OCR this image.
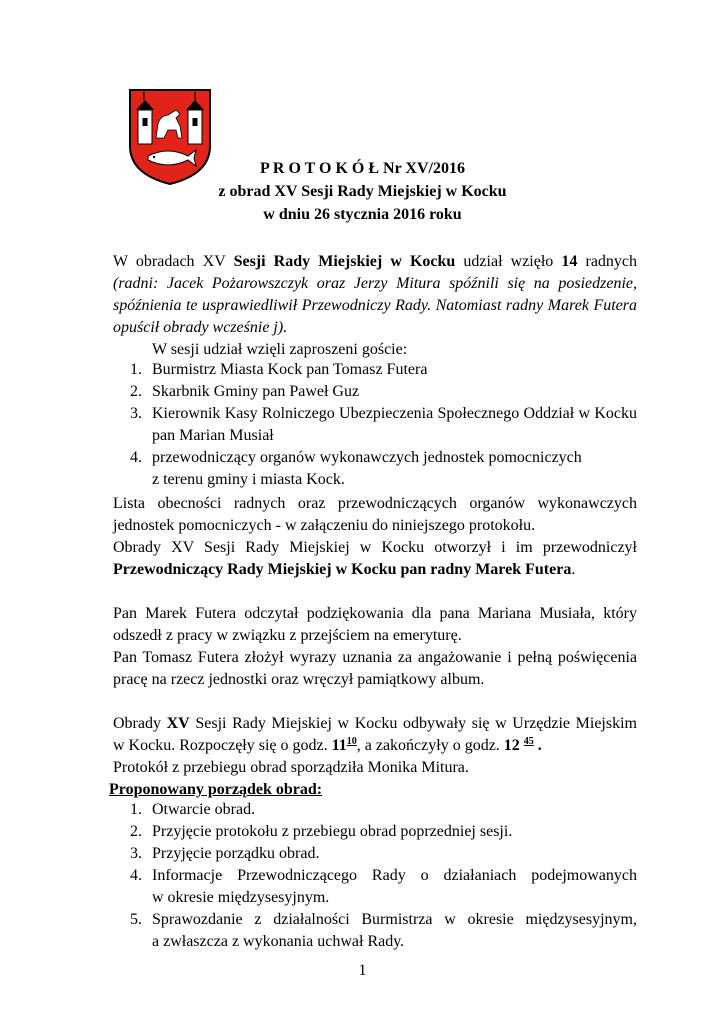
P R O T O K Ó Ł Nr XV/2016
z obrad XV Sesji Rady Miejskiej w Kocku
w dniu 26 stycznia 2016 roku
W obradach XV Sesji Rady Miejskiej w Kocku udział wzięło 14 radnych
(radni: Jacek Pożarowszczyk oraz Jerzy Mitura spóźnili się na posiedzenie,
spóźnienia te usprawiedliwił Przewodniczy Rady. Natomiast radny Marek Futera
opuścił obrady wcześnie j).
W sesji udział wzięli zaproszeni goście:
1. Burmistrz Miasta Kock pan Tomasz Futera
2. Skarbnik Gminy pan Paweł Guz
3. Kierownik Kasy Rolniczego Ubezpieczenia Społecznego Oddział w Kocku
pan Marian Musiał
4. przewodniczący organów wykonawczych jednostek pomocniczych
z terenu gminy i miasta Kock.
Lista obecności radnych oraz przewodniczących organów wykonawczych
jednostek pomocniczych - w załączeniu do niniejszego protokołu.
Obrady XV Sesji Rady Miejskiej w Kocku otworzył i im przewodniczył
Przewodniczący Rady Miejskiej w Kocku pan radny Marek Futera.
Pan Marek Futera odczytał podziękowania dla pana Mariana Musiała, który
odszedł z pracy w związku z przejściem na emeryturę.
Pan Tomasz Futera złożył wyrazy uznania za angażowanie i pełną poświęcenia
pracę na rzecz jednostki oraz wręczył pamiątkowy album.
Obrady XV Sesji Rady Miejskiej w Kocku odbywały się w Urzędzie Miejskim
w Kocku. Rozpoczęły się o godz. $11^{10}$, a zakończyły o godz. 12 $^{45}$ .
Protokół z przebiegu obrad sporządziła Monika Mitura.
Proponowany porządek obrad:
1. Otwarcie obrad.
2. Przyjęcie protokołu z przebiegu obrad poprzedniej sesji.
3. Przyjęcie porządku obrad.
4. Informacje Przewodniczącego Rady o działaniach podejmowanych
w okresie międzysesyjnym.
5. Sprawozdanie z działalności Burmistrza w okresie międzysesyjnym,
a zwłaszcza z wykonania uchwał Rady.
1
